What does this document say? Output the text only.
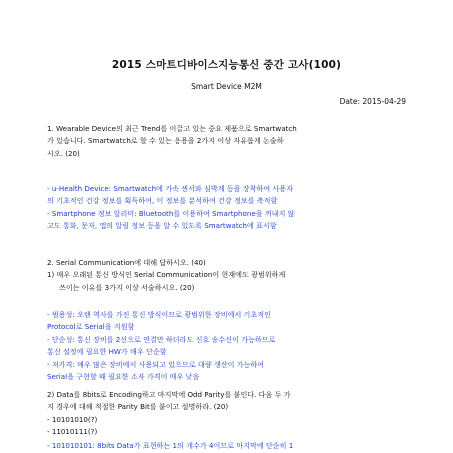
2015 스마트디바이스지능통신 중간 고사(100)
Smart Device M2M
Date: 2015-04-29

1. Wearable Device의 최근 Trend를 이끌고 있는 중요 제품으로 Smartwatch

가 있습니다. Smartwatch로 할 수 있는 응용을 2가지 이상 자유롭게 논술하

시오. (20)

- u-Health Device: Smartwatch에 가속 센서와 심박계 등을 장착하여 사용자

의 기초적인 건강 정보를 획득하여, 이 정보를 분석하여 건강 정보를 축적함

- Smartphone 정보 알리미: Bluetooth를 이용하여 Smartphone을 꺼내지 않

고도 통화, 문자, 앱의 알림 정보 등을 알 수 있도록 Smartwatch에 표시함

2. Serial Communication에 대해 답하시오. (40)

1) 매우 오래된 통신 방식인 Serial Communication이 현재에도 광범위하게

쓰이는 이유를 3가지 이상 서술하시오. (20)

- 범용성: 오랜 역사를 가진 통신 방식이므로 광범위한 장비에서 기초적인

Protocol로 Serial을 지원함

- 단순성: 통신 장비를 2선으로 연결만 하더라도 신호 송수신이 가능하므로

통신 설정에 필요한 HW가 매우 단순함

- 저가격: 매우 많은 장비에서 사용되고 있으므로 대량 생산이 가능하여

Serial을 구현할 때 필요한 소자 가격이 매우 낮음

2) Data를 8bits로 Encoding하고 마지막에 Odd Parity를 붙인다. 다음 두 가

지 경우에 대해 적절한 Parity Bit를 붙이고 설명하라. (20)

- 10101010(?)

- 11010111(?)

- 101010101: 8bits Data가 표현하는 1의 개수가 4이므로 마지막에 단순히 1
